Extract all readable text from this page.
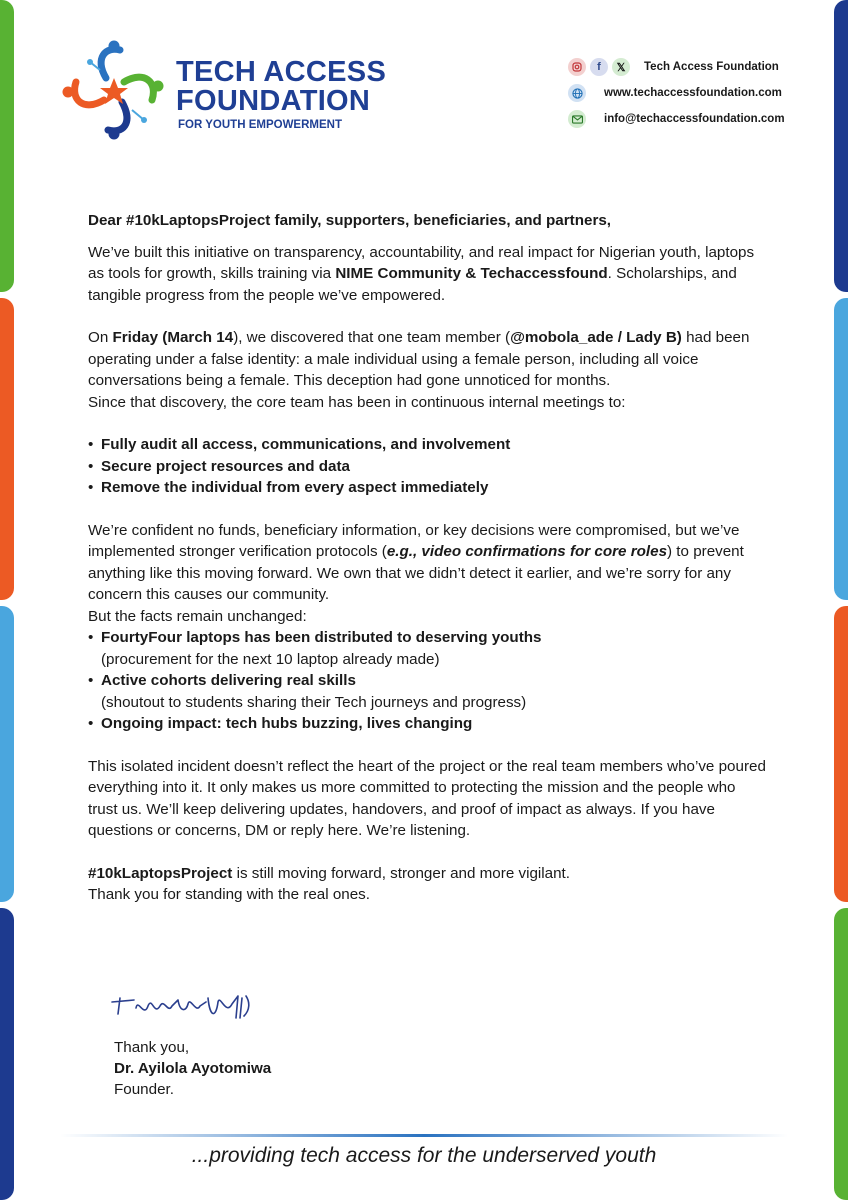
TECH ACCESS
FOUNDATION
FOR YOUTH EMPOWERMENT
f	𝕏	Tech Access Foundation
www.techaccessfoundation.com
info@techaccessfoundation.com

Dear #10kLaptopsProject family, supporters, beneficiaries, and partners,

We’ve built this initiative on transparency, accountability, and real impact for Nigerian youth, laptops as tools for growth, skills training via NIME Community & Techaccessfound. Scholarships, and tangible progress from the people we’ve empowered.

On Friday (March 14), we discovered that one team member (@mobola_ade / Lady B) had been operating under a false identity: a male individual using a female person, including all voice conversations being a female. This deception had gone unnoticed for months.

Since that discovery, the core team has been in continuous internal meetings to:

• Fully audit all access, communications, and involvement
• Secure project resources and data
• Remove the individual from every aspect immediately

We’re confident no funds, beneficiary information, or key decisions were compromised, but we’ve implemented stronger verification protocols (e.g., video confirmations for core roles) to prevent anything like this moving forward. We own that we didn’t detect it earlier, and we’re sorry for any concern this causes our community.

But the facts remain unchanged:

• FourtyFour laptops has been distributed to deserving youths
(procurement for the next 10 laptop already made)
• Active cohorts delivering real skills
(shoutout to students sharing their Tech journeys and progress)
• Ongoing impact: tech hubs buzzing, lives changing

This isolated incident doesn’t reflect the heart of the project or the real team members who’ve poured everything into it. It only makes us more committed to protecting the mission and the people who trust us. We’ll keep delivering updates, handovers, and proof of impact as always. If you have questions or concerns, DM or reply here. We’re listening.

#10kLaptopsProject is still moving forward, stronger and more vigilant.

Thank you for standing with the real ones.

Thank you,
Dr. Ayilola Ayotomiwa
Founder.
...providing tech access for the underserved youth
